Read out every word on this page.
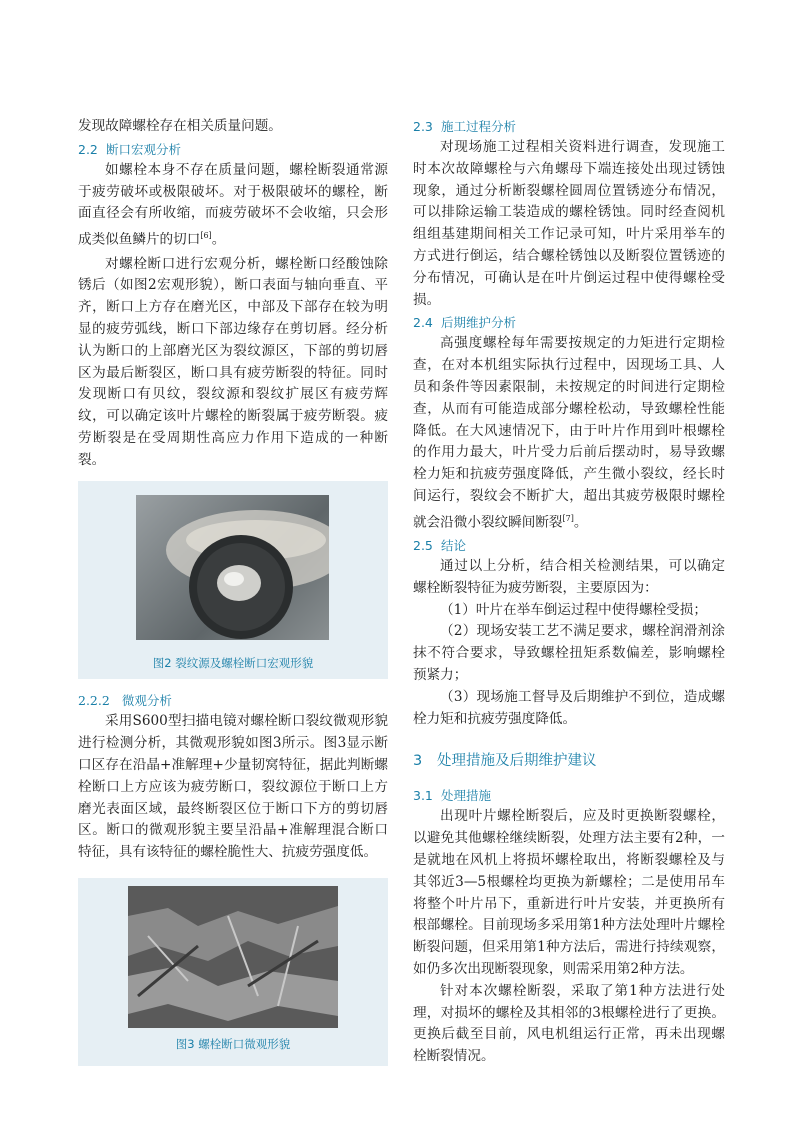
发现故障螺栓存在相关质量问题。

2.2 断口宏观分析

如螺栓本身不存在质量问题，螺栓断裂通常源于疲劳破坏或极限破坏。对于极限破坏的螺栓，断面直径会有所收缩，而疲劳破坏不会收缩，只会形成类似鱼鳞片的切口[6]。

对螺栓断口进行宏观分析，螺栓断口经酸蚀除锈后（如图2宏观形貌），断口表面与轴向垂直、平齐，断口上方存在磨光区，中部及下部存在较为明显的疲劳弧线，断口下部边缘存在剪切唇。经分析认为断口的上部磨光区为裂纹源区，下部的剪切唇区为最后断裂区，断口具有疲劳断裂的特征。同时发现断口有贝纹，裂纹源和裂纹扩展区有疲劳辉纹，可以确定该叶片螺栓的断裂属于疲劳断裂。疲劳断裂是在受周期性高应力作用下造成的一种断裂。

图2 裂纹源及螺栓断口宏观形貌

2.2.2 微观分析

采用S600型扫描电镜对螺栓断口裂纹微观形貌进行检测分析，其微观形貌如图3所示。图3显示断口区存在沿晶+准解理+少量韧窝特征，据此判断螺栓断口上方应该为疲劳断口，裂纹源位于断口上方磨光表面区域，最终断裂区位于断口下方的剪切唇区。断口的微观形貌主要呈沿晶+准解理混合断口特征，具有该特征的螺栓脆性大、抗疲劳强度低。

图3 螺栓断口微观形貌

2.3 施工过程分析

对现场施工过程相关资料进行调查，发现施工时本次故障螺栓与六角螺母下端连接处出现过锈蚀现象，通过分析断裂螺栓圆周位置锈迹分布情况，可以排除运输工装造成的螺栓锈蚀。同时经查阅机组组基建期间相关工作记录可知，叶片采用举车的方式进行倒运，结合螺栓锈蚀以及断裂位置锈迹的分布情况，可确认是在叶片倒运过程中使得螺栓受损。

2.4 后期维护分析

高强度螺栓每年需要按规定的力矩进行定期检查，在对本机组实际执行过程中，因现场工具、人员和条件等因素限制，未按规定的时间进行定期检查，从而有可能造成部分螺栓松动，导致螺栓性能降低。在大风速情况下，由于叶片作用到叶根螺栓的作用力最大，叶片受力后前后摆动时，易导致螺栓力矩和抗疲劳强度降低，产生微小裂纹，经长时间运行，裂纹会不断扩大，超出其疲劳极限时螺栓就会沿微小裂纹瞬间断裂[7]。

2.5 结论

通过以上分析，结合相关检测结果，可以确定螺栓断裂特征为疲劳断裂，主要原因为：

（1）叶片在举车倒运过程中使得螺栓受损；

（2）现场安装工艺不满足要求，螺栓润滑剂涂抹不符合要求，导致螺栓扭矩系数偏差，影响螺栓预紧力；

（3）现场施工督导及后期维护不到位，造成螺栓力矩和抗疲劳强度降低。

3 处理措施及后期维护建议

3.1 处理措施

出现叶片螺栓断裂后，应及时更换断裂螺栓，以避免其他螺栓继续断裂，处理方法主要有2种，一是就地在风机上将损坏螺栓取出，将断裂螺栓及与其邻近3—5根螺栓均更换为新螺栓；二是使用吊车将整个叶片吊下，重新进行叶片安装，并更换所有根部螺栓。目前现场多采用第1种方法处理叶片螺栓断裂问题，但采用第1种方法后，需进行持续观察，如仍多次出现断裂现象，则需采用第2种方法。

针对本次螺栓断裂，采取了第1种方法进行处理，对损坏的螺栓及其相邻的3根螺栓进行了更换。更换后截至目前，风电机组运行正常，再未出现螺栓断裂情况。
